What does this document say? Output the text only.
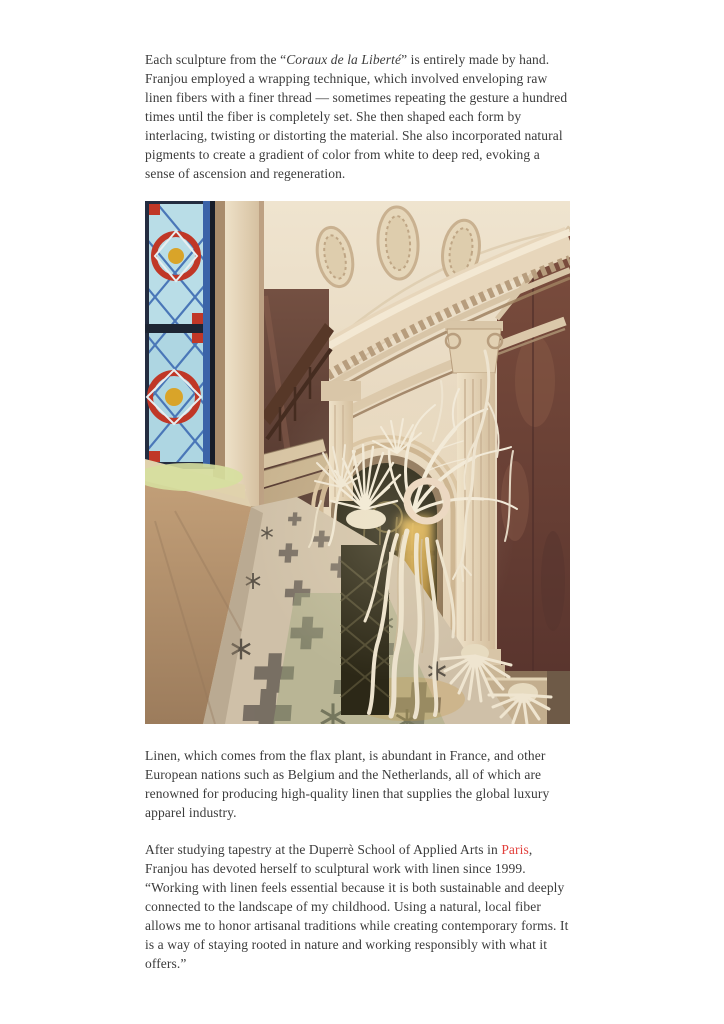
Each sculpture from the “Coraux de la Liberté” is entirely made by hand. Franjou employed a wrapping technique, which involved enveloping raw linen fibers with a finer thread — sometimes repeating the gesture a hundred times until the fiber is completely set. She then shaped each form by interlacing, twisting or distorting the material. She also incorporated natural pigments to create a gradient of color from white to deep red, evoking a sense of ascension and regeneration.

Linen, which comes from the flax plant, is abundant in France, and other European nations such as Belgium and the Netherlands, all of which are renowned for producing high-quality linen that supplies the global luxury apparel industry.

After studying tapestry at the Duperrè School of Applied Arts in Paris, Franjou has devoted herself to sculptural work with linen since 1999. “Working with linen feels essential because it is both sustainable and deeply connected to the landscape of my childhood. Using a natural, local fiber allows me to honor artisanal traditions while creating contemporary forms. It is a way of staying rooted in nature and working responsibly with what it offers.”
